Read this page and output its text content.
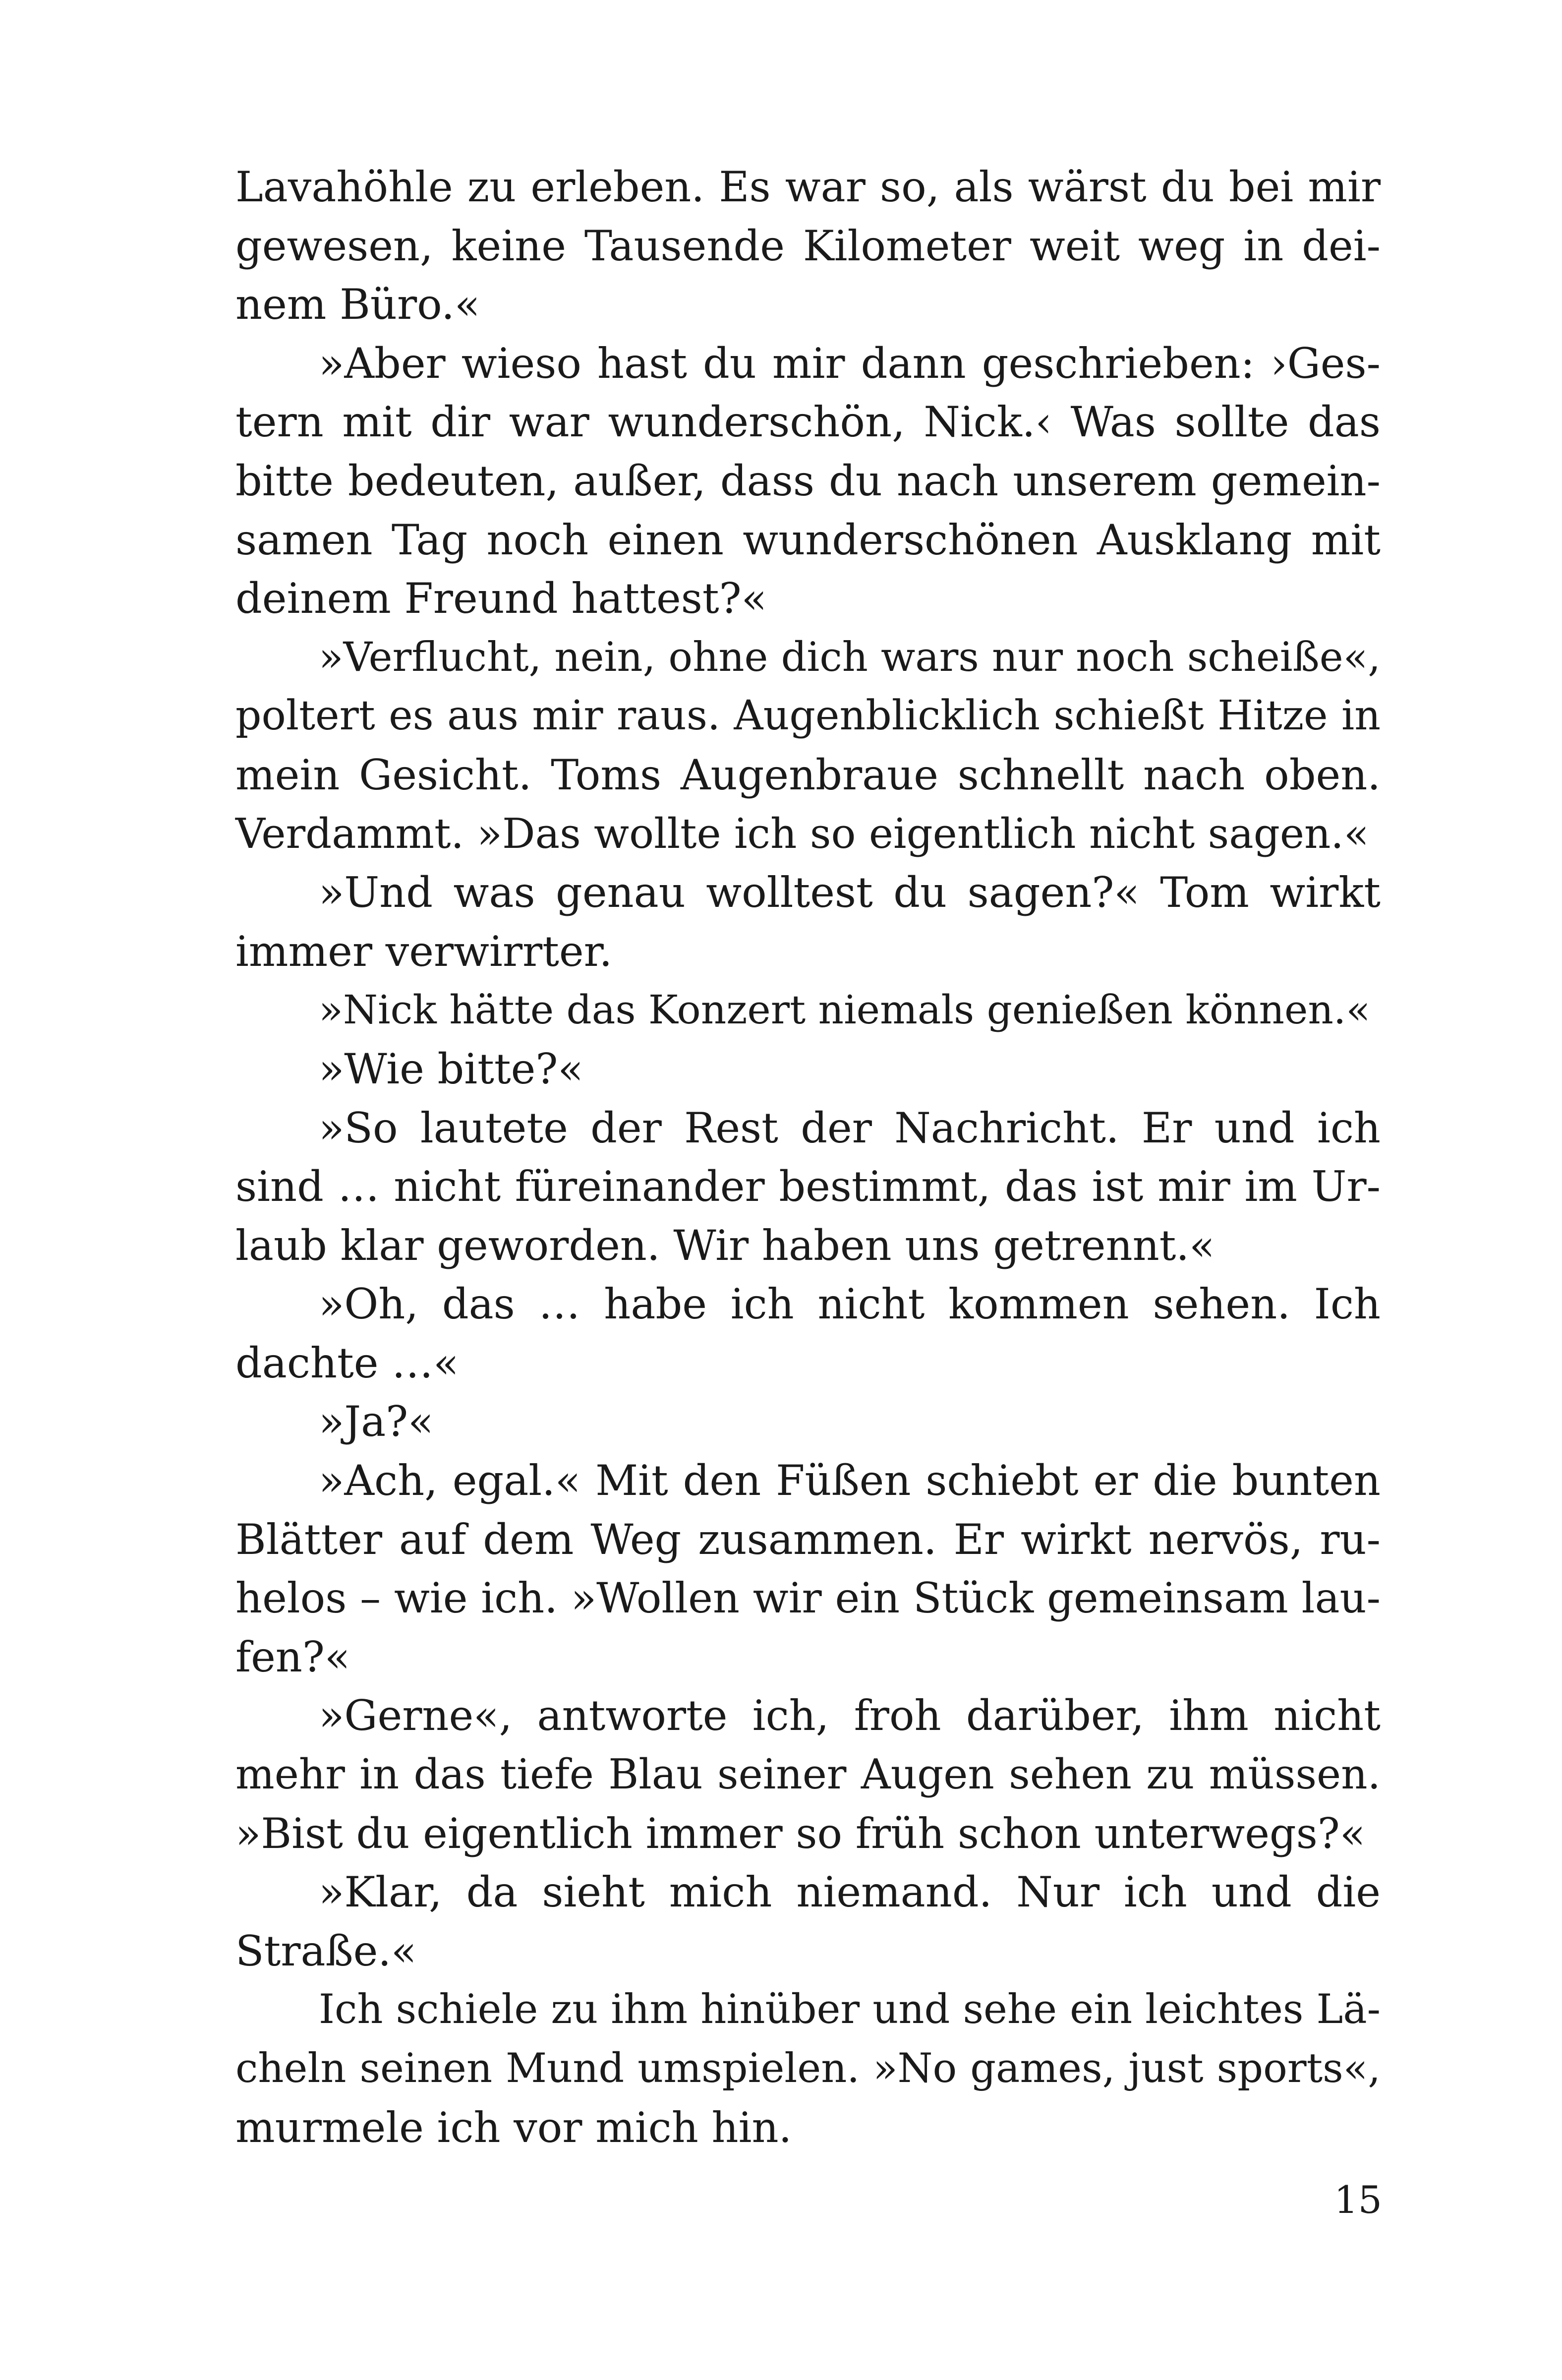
Lavahöhle zu erleben. Es war so, als wärst du bei mir
gewesen, keine Tausende Kilometer weit weg in dei-
nem Büro.«
»Aber wieso hast du mir dann geschrieben: ›Ges-
tern mit dir war wunderschön, Nick.‹ Was sollte das
bitte bedeuten, außer, dass du nach unserem gemein-
samen Tag noch einen wunderschönen Ausklang mit
deinem Freund hattest?«
»Verflucht, nein, ohne dich wars nur noch scheiße«,
poltert es aus mir raus. Augenblicklich schießt Hitze in
mein Gesicht. Toms Augenbraue schnellt nach oben.
Verdammt. »Das wollte ich so eigentlich nicht sagen.«
»Und was genau wolltest du sagen?« Tom wirkt
immer verwirrter.
»Nick hätte das Konzert niemals genießen können.«
»Wie bitte?«
»So lautete der Rest der Nachricht. Er und ich
sind … nicht füreinander bestimmt, das ist mir im Ur-
laub klar geworden. Wir haben uns getrennt.«
»Oh, das … habe ich nicht kommen sehen. Ich
dachte …«
»Ja?«
»Ach, egal.« Mit den Füßen schiebt er die bunten
Blätter auf dem Weg zusammen. Er wirkt nervös, ru-
helos – wie ich. »Wollen wir ein Stück gemeinsam lau-
fen?«
»Gerne«, antworte ich, froh darüber, ihm nicht
mehr in das tiefe Blau seiner Augen sehen zu müssen.
»Bist du eigentlich immer so früh schon unterwegs?«
»Klar, da sieht mich niemand. Nur ich und die
Straße.«
Ich schiele zu ihm hinüber und sehe ein leichtes Lä-
cheln seinen Mund umspielen. »No games, just sports«,
murmele ich vor mich hin.
15
